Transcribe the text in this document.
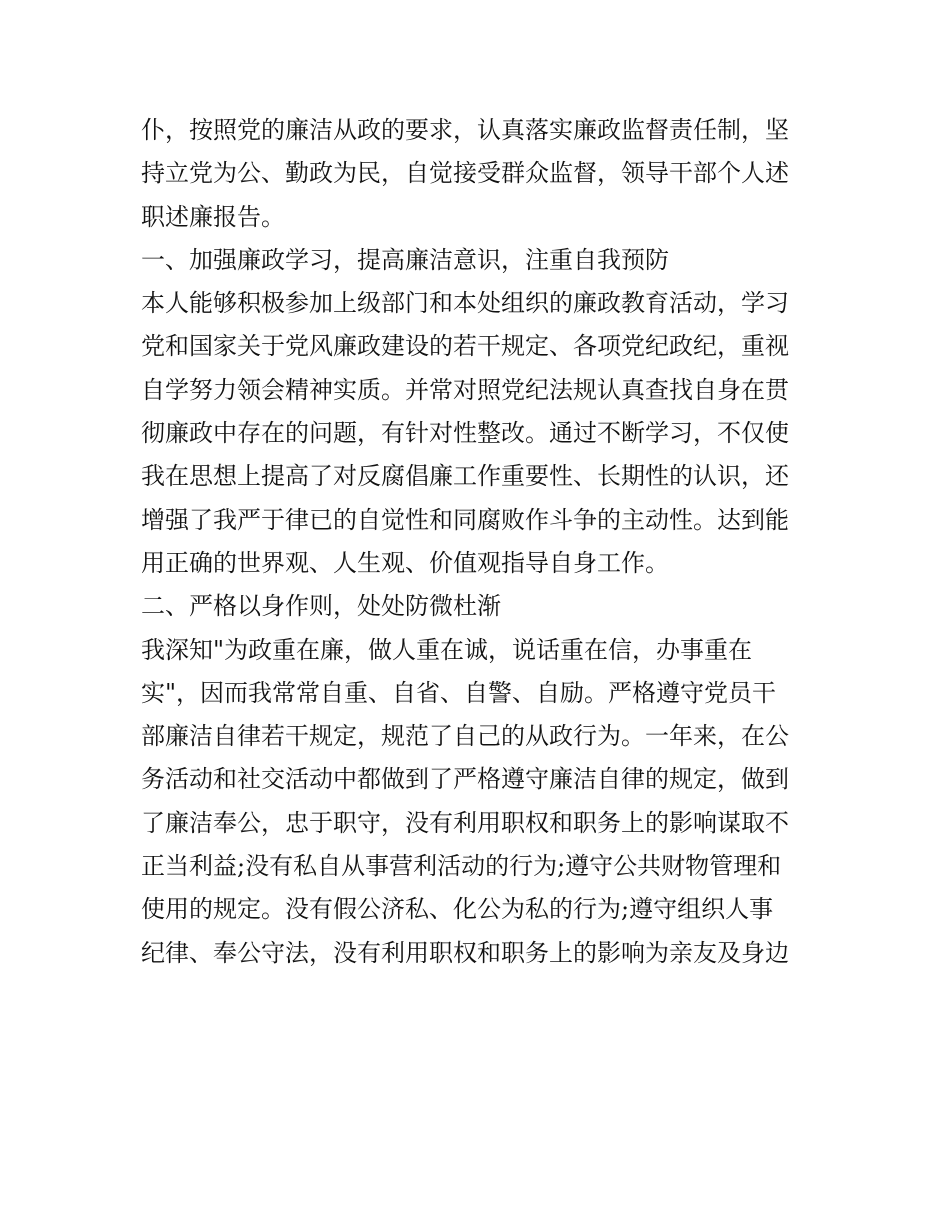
仆，按照党的廉洁从政的要求，认真落实廉政监督责任制，坚
持立党为公、勤政为民，自觉接受群众监督，领导干部个人述
职述廉报告。
一、加强廉政学习，提高廉洁意识，注重自我预防
本人能够积极参加上级部门和本处组织的廉政教育活动，学习
党和国家关于党风廉政建设的若干规定、各项党纪政纪，重视
自学努力领会精神实质。并常对照党纪法规认真查找自身在贯
彻廉政中存在的问题，有针对性整改。通过不断学习，不仅使
我在思想上提高了对反腐倡廉工作重要性、长期性的认识，还
增强了我严于律已的自觉性和同腐败作斗争的主动性。达到能
用正确的世界观、人生观、价值观指导自身工作。
二、严格以身作则，处处防微杜渐
我深知"为政重在廉，做人重在诚，说话重在信，办事重在
实"，因而我常常自重、自省、自警、自励。严格遵守党员干
部廉洁自律若干规定，规范了自己的从政行为。一年来，在公
务活动和社交活动中都做到了严格遵守廉洁自律的规定，做到
了廉洁奉公，忠于职守，没有利用职权和职务上的影响谋取不
正当利益;没有私自从事营利活动的行为;遵守公共财物管理和
使用的规定。没有假公济私、化公为私的行为;遵守组织人事
纪律、奉公守法，没有利用职权和职务上的影响为亲友及身边
